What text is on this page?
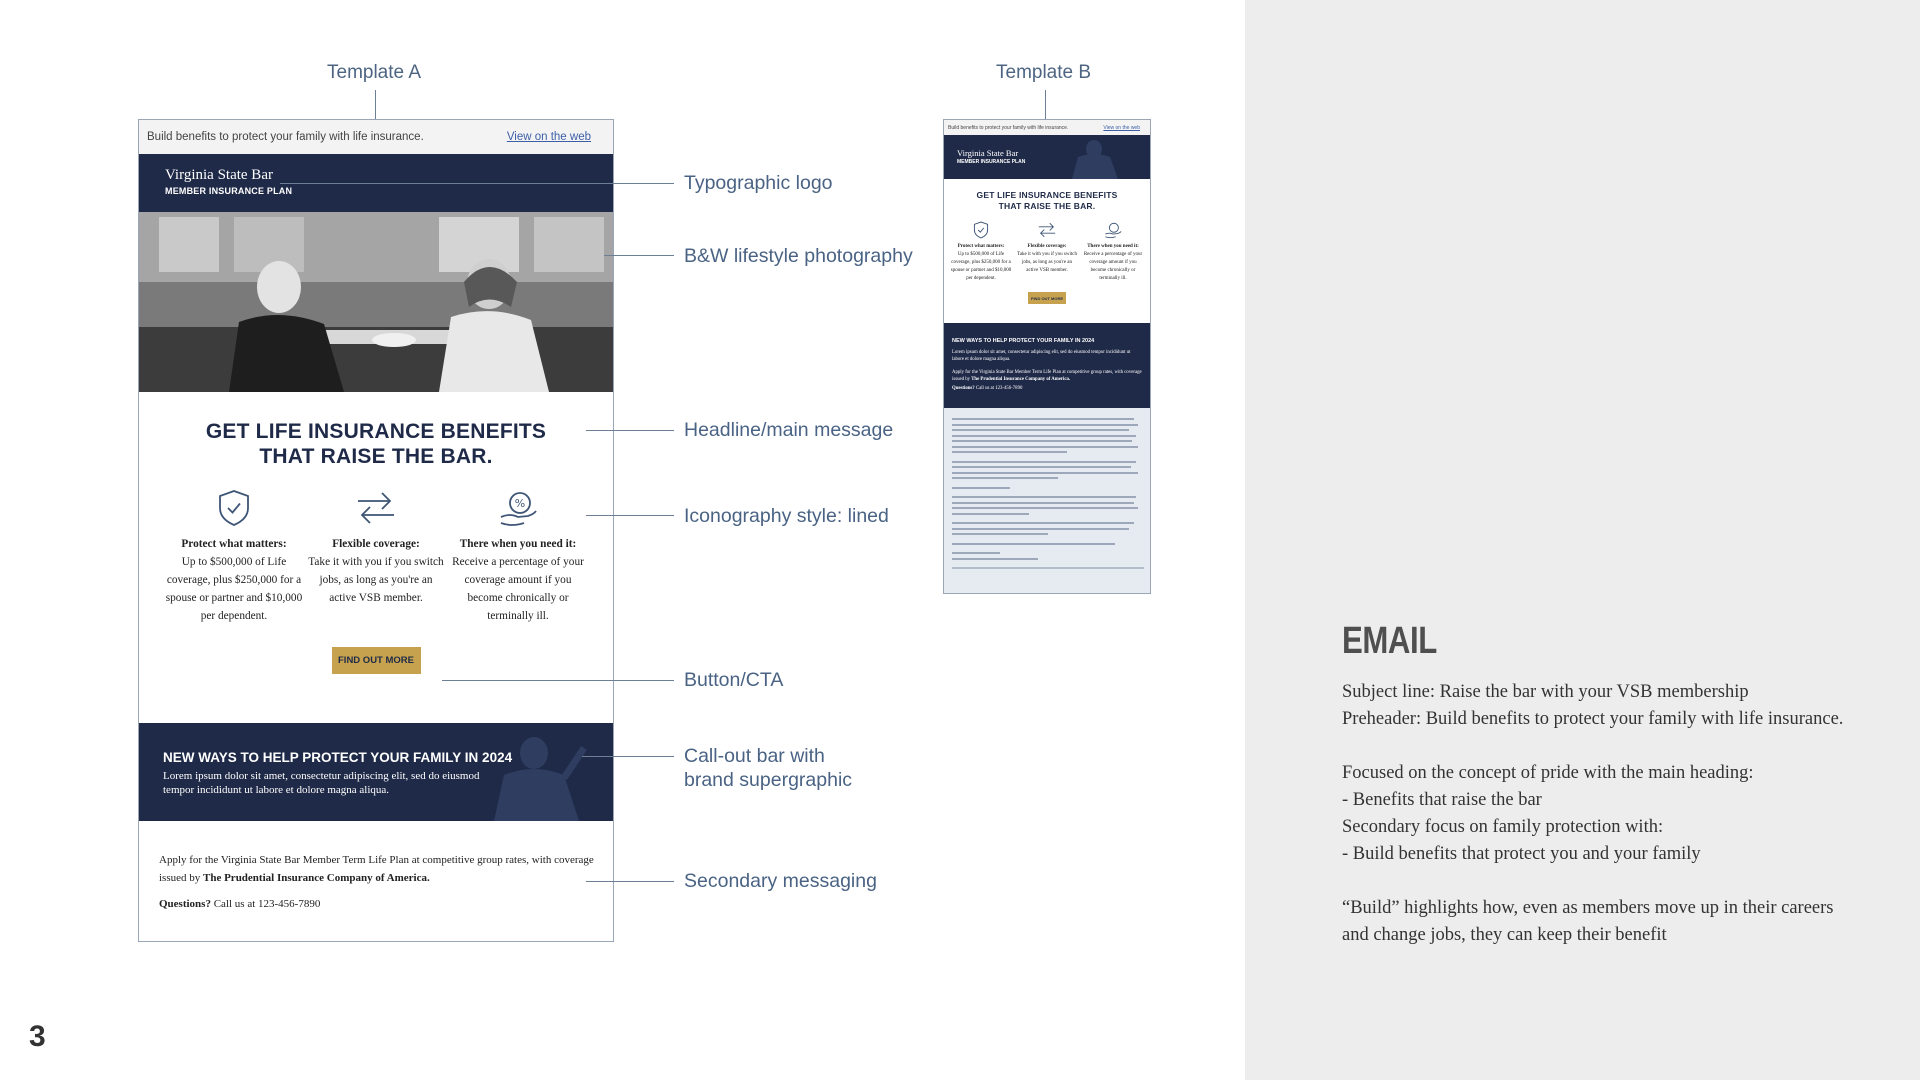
Template A	Template B
Build benefits to protect your family with life insurance.	View on the web
Virginia State Bar
MEMBER INSURANCE PLAN
GET LIFE INSURANCE BENEFITS
THAT RAISE THE BAR.
Protect what matters:
Up to $500,000 of Life coverage, plus $250,000 for a spouse or partner and $10,000 per dependent.
Flexible coverage:
Take it with you if you switch jobs, as long as you're an active VSB member.
%
There when you need it:
Receive a percentage of your coverage amount if you become chronically or terminally ill.
FIND OUT MORE
NEW WAYS TO HELP PROTECT YOUR FAMILY IN 2024
Lorem ipsum dolor sit amet, consectetur adipiscing elit, sed do eiusmod tempor incididunt ut labore et dolore magna aliqua.

Apply for the Virginia State Bar Member Term Life Plan at competitive group rates, with coverage issued by The Prudential Insurance Company of America.

Questions? Call us at 123-456-7890

Typographic logo
B&W lifestyle photography
Headline/main message
Iconography style: lined
Button/CTA
Call-out bar with
brand supergraphic
Secondary messaging
Build benefits to protect your family with life insurance.	View on the web
Virginia State Bar
MEMBER INSURANCE PLAN
GET LIFE INSURANCE BENEFITS
THAT RAISE THE BAR.
Protect what matters:
Up to $500,000 of Life coverage, plus $250,000 for a spouse or partner and $10,000 per dependent.
Flexible coverage:
Take it with you if you switch jobs, as long as you're an active VSB member.
There when you need it:
Receive a percentage of your coverage amount if you become chronically or terminally ill.
FIND OUT MORE
NEW WAYS TO HELP PROTECT YOUR FAMILY IN 2024
Lorem ipsum dolor sit amet, consectetur adipiscing elit, sed do eiusmod tempor incididunt ut labore et dolore magna aliqua.
Apply for the Virginia State Bar Member Term Life Plan at competitive group rates, with coverage issued by The Prudential Insurance Company of America.
Questions? Call us at 123-456-7890
EMAIL
Subject line: Raise the bar with your VSB membership
Preheader: Build benefits to protect your family with life insurance.
Focused on the concept of pride with the main heading:
- Benefits that raise the bar
Secondary focus on family protection with:
- Build benefits that protect you and your family
“Build” highlights how, even as members move up in their careers
and change jobs, they can keep their benefit
3
